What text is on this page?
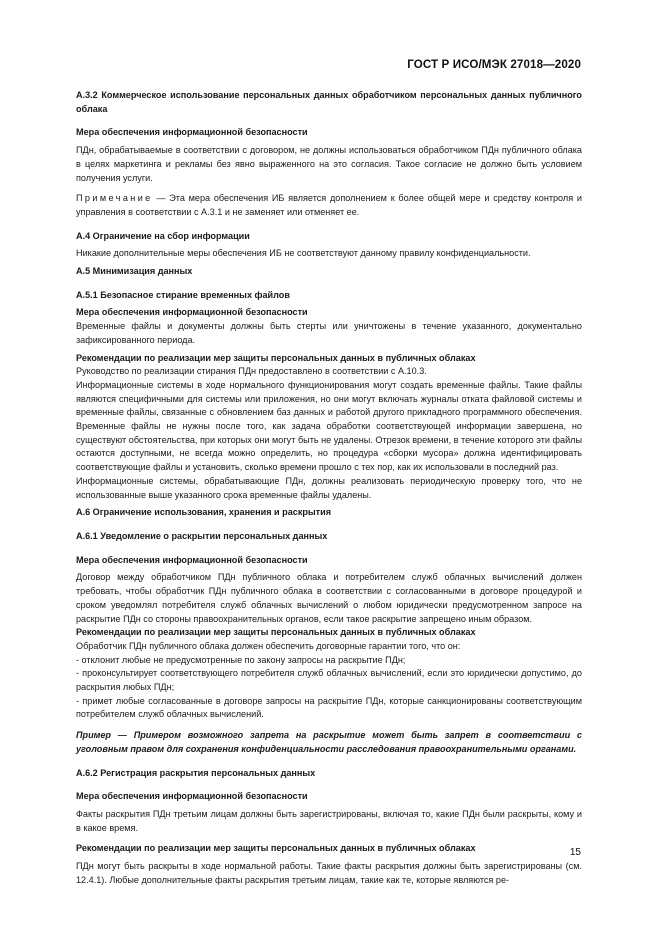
ГОСТ Р ИСО/МЭК 27018—2020

A.3.2 Коммерческое использование персональных данных обработчиком персональных данных публичного облака

Мера обеспечения информационной безопасности

ПДн, обрабатываемые в соответствии с договором, не должны использоваться обработчиком ПДн публичного облака в целях маркетинга и рекламы без явно выраженного на это согласия. Такое согласие не должно быть условием получения услуги.

Примечание — Эта мера обеспечения ИБ является дополнением к более общей мере и средству контроля и управления в соответствии с А.3.1 и не заменяет или отменяет ее.

A.4 Ограничение на сбор информации

Никакие дополнительные меры обеспечения ИБ не соответствуют данному правилу конфиденциальности.

A.5 Минимизация данных

A.5.1 Безопасное стирание временных файлов

Мера обеспечения информационной безопасности

Временные файлы и документы должны быть стерты или уничтожены в течение указанного, документально зафиксированного периода.

Рекомендации по реализации мер защиты персональных данных в публичных облаках

Руководство по реализации стирания ПДн предоставлено в соответствии с А.10.3.

Информационные системы в ходе нормального функционирования могут создать временные файлы. Такие файлы являются специфичными для системы или приложения, но они могут включать журналы отката файловой системы и временные файлы, связанные с обновлением баз данных и работой другого прикладного программного обеспечения. Временные файлы не нужны после того, как задача обработки соответствующей информации завершена, но существуют обстоятельства, при которых они могут быть не удалены. Отрезок времени, в течение которого эти файлы остаются доступными, не всегда можно определить, но процедура «сборки мусора» должна идентифицировать соответствующие файлы и установить, сколько времени прошло с тех пор, как их использовали в последний раз.

Информационные системы, обрабатывающие ПДн, должны реализовать периодическую проверку того, что не использованные выше указанного срока временные файлы удалены.

A.6 Ограничение использования, хранения и раскрытия

A.6.1 Уведомление о раскрытии персональных данных

Мера обеспечения информационной безопасности

Договор между обработчиком ПДн публичного облака и потребителем служб облачных вычислений должен требовать, чтобы обработчик ПДн публичного облака в соответствии с согласованными в договоре процедурой и сроком уведомлял потребителя служб облачных вычислений о любом юридически предусмотренном запросе на раскрытие ПДн со стороны правоохранительных органов, если такое раскрытие запрещено иным образом.

Рекомендации по реализации мер защиты персональных данных в публичных облаках

Обработчик ПДн публичного облака должен обеспечить договорные гарантии того, что он:

- отклонит любые не предусмотренные по закону запросы на раскрытие ПДн;

- проконсультирует соответствующего потребителя служб облачных вычислений, если это юридически допустимо, до раскрытия любых ПДн;

- примет любые согласованные в договоре запросы на раскрытие ПДн, которые санкционированы соответствующим потребителем служб облачных вычислений.

Пример — Примером возможного запрета на раскрытие может быть запрет в соответствии с уголовным правом для сохранения конфиденциальности расследования правоохранительными органами.

A.6.2 Регистрация раскрытия персональных данных

Мера обеспечения информационной безопасности

Факты раскрытия ПДн третьим лицам должны быть зарегистрированы, включая то, какие ПДн были раскрыты, кому и в какое время.

Рекомендации по реализации мер защиты персональных данных в публичных облаках

ПДн могут быть раскрыты в ходе нормальной работы. Такие факты раскрытия должны быть зарегистрированы (см. 12.4.1). Любые дополнительные факты раскрытия третьим лицам, такие как те, которые являются ре-

15
